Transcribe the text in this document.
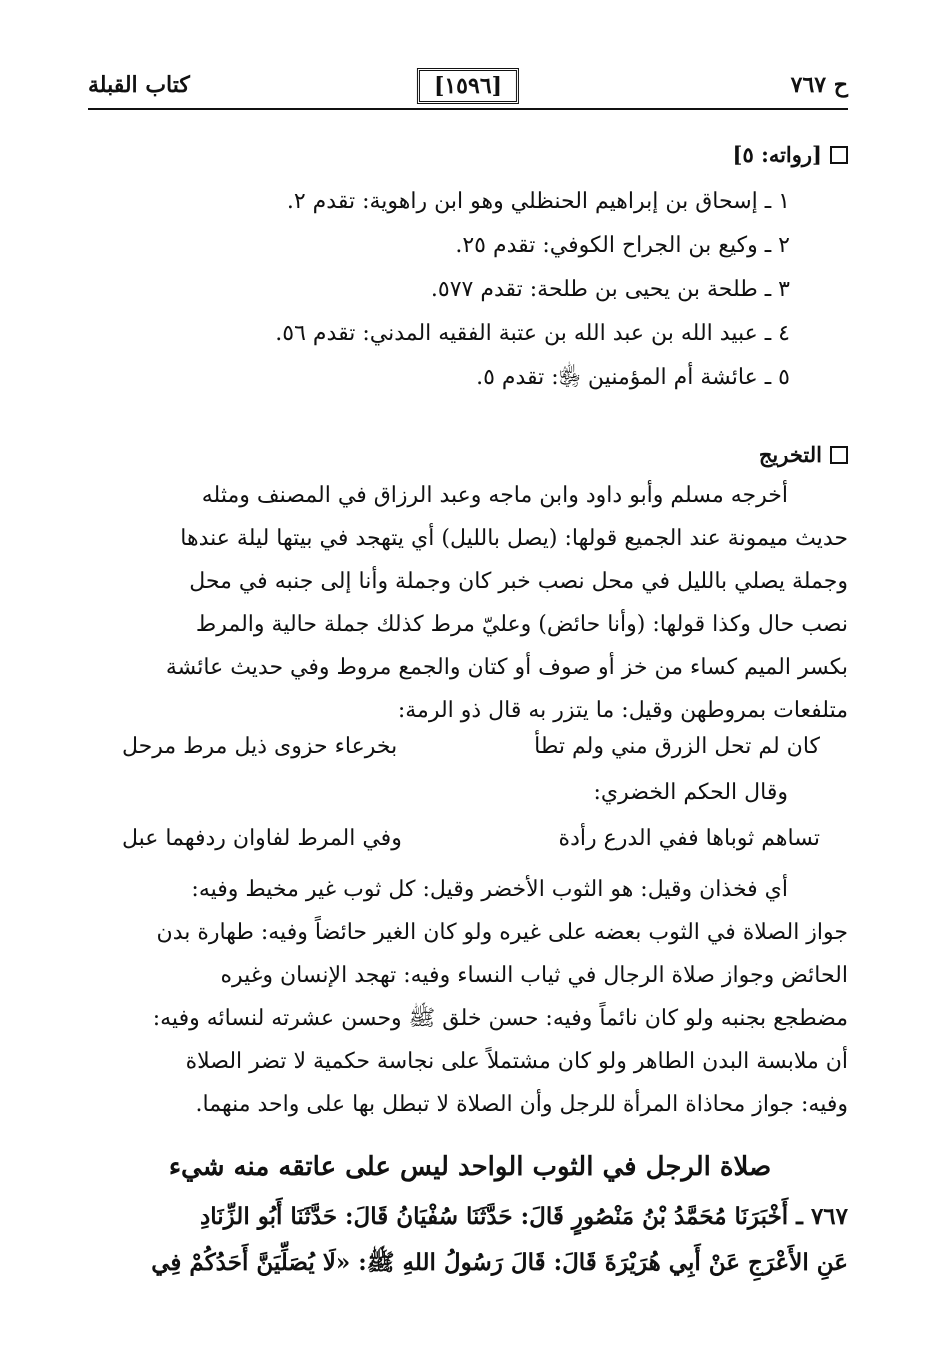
ح ٧٦٧
[١٥٩٦]
كتاب القبلة
[رواته: ٥]
١ ـ إسحاق بن إبراهيم الحنظلي وهو ابن راهوية: تقدم ٢.
٢ ـ وكيع بن الجراح الكوفي: تقدم ٢٥.
٣ ـ طلحة بن يحيى بن طلحة: تقدم ٥٧٧.
٤ ـ عبيد الله بن عبد الله بن عتبة الفقيه المدني: تقدم ٥٦.
٥ ـ عائشة أم المؤمنين ﵂: تقدم ٥.
التخريج
أخرجه مسلم وأبو داود وابن ماجه وعبد الرزاق في المصنف ومثله
حديث ميمونة عند الجميع قولها: (يصل بالليل) أي يتهجد في بيتها ليلة عندها
وجملة يصلي بالليل في محل نصب خبر كان وجملة وأنا إلى جنبه في محل
نصب حال وكذا قولها: (وأنا حائض) وعليّ مرط كذلك جملة حالية والمرط
بكسر الميم كساء من خز أو صوف أو كتان والجمع مروط وفي حديث عائشة
متلفعات بمروطهن وقيل: ما يتزر به قال ذو الرمة:
كان لم تحل الزرق مني ولم تطأ
بخرعاء حزوى ذيل مرط مرحل
وقال الحكم الخضري:
تساهم ثوباها ففي الدرع رأدة
وفي المرط لفاوان ردفهما عبل
أي فخذان وقيل: هو الثوب الأخضر وقيل: كل ثوب غير مخيط وفيه:
جواز الصلاة في الثوب بعضه على غيره ولو كان الغير حائضاً وفيه: طهارة بدن
الحائض وجواز صلاة الرجال في ثياب النساء وفيه: تهجد الإنسان وغيره
مضطجع بجنبه ولو كان نائماً وفيه: حسن خلق ﷺ وحسن عشرته لنسائه وفيه:
أن ملابسة البدن الطاهر ولو كان مشتملاً على نجاسة حكمية لا تضر الصلاة
وفيه: جواز محاذاة المرأة للرجل وأن الصلاة لا تبطل بها على واحد منهما.
صلاة الرجل في الثوب الواحد ليس على عاتقه منه شيء
٧٦٧ ـ أَخْبَرَنَا مُحَمَّدُ بْنُ مَنْصُورٍ قَالَ: حَدَّثَنَا سُفْيَانُ قَالَ: حَدَّثَنَا أَبُو الزِّنَادِ
عَنِ الأَعْرَجِ عَنْ أَبِي هُرَيْرَةَ قَالَ: قَالَ رَسُولُ اللهِ ﷺ: «لَا يُصَلِّيَنَّ أَحَدُكُمْ فِي
